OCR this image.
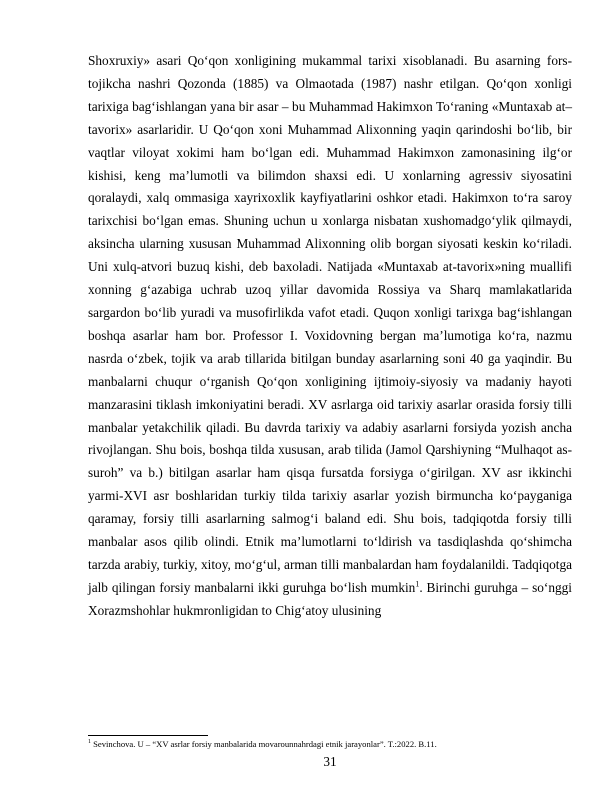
Shoxruxiy» asari Qo‘qon xonligining mukammal tarixi xisoblanadi. Bu asarning fors-tojikcha nashri Qozonda (1885) va Olmaotada (1987) nashr etilgan. Qo‘qon xonligi tarixiga bag‘ishlangan yana bir asar – bu Muhammad Hakimxon To‘raning «Muntaxab at–tavorix» asarlaridir. U Qo‘qon xoni Muhammad Alixonning yaqin qarindoshi bo‘lib, bir vaqtlar viloyat xokimi ham bo‘lgan edi. Muhammad Hakimxon zamonasining ilg‘or kishisi, keng ma’lumotli va bilimdon shaxsi edi. U xonlarning agressiv siyosatini qoralaydi, xalq ommasiga xayrixoxlik kayfiyatlarini oshkor etadi. Hakimxon to‘ra saroy tarixchisi bo‘lgan emas. Shuning uchun u xonlarga nisbatan xushomadgo‘ylik qilmaydi, aksincha ularning xususan Muhammad Alixonning olib borgan siyosati keskin ko‘riladi. Uni xulq-atvori buzuq kishi, deb baxoladi. Natijada «Muntaxab at-tavorix»ning muallifi xonning g‘azabiga uchrab uzoq yillar davomida Rossiya va Sharq mamlakatlarida sargardon bo‘lib yuradi va musofirlikda vafot etadi. Quqon xonligi tarixga bag‘ishlangan boshqa asarlar ham bor. Professor I. Voxidovning bergan ma’lumotiga ko‘ra, nazmu nasrda o‘zbek, tojik va arab tillarida bitilgan bunday asarlarning soni 40 ga yaqindir. Bu manbalarni chuqur o‘rganish Qo‘qon xonligining ijtimoiy-siyosiy va madaniy hayoti manzarasini tiklash imkoniyatini beradi. XV asrlarga oid tarixiy asarlar orasida forsiy tilli manbalar yetakchilik qiladi. Bu davrda tarixiy va adabiy asarlarni forsiyda yozish ancha rivojlangan. Shu bois, boshqa tilda xususan, arab tilida (Jamol Qarshiyning “Mulhaqot as-suroh” va b.) bitilgan asarlar ham qisqa fursatda forsiyga o‘girilgan. XV asr ikkinchi yarmi-XVI asr boshlaridan turkiy tilda tarixiy asarlar yozish birmuncha ko‘payganiga qaramay, forsiy tilli asarlarning salmog‘i baland edi. Shu bois, tadqiqotda forsiy tilli manbalar asos qilib olindi. Etnik ma’lumotlarni to‘ldirish va tasdiqlashda qo‘shimcha tarzda arabiy, turkiy, xitoy, mo‘g‘ul, arman tilli manbalardan ham foydalanildi. Tadqiqotga jalb qilingan forsiy manbalarni ikki guruhga bo‘lish mumkin$^1$. Birinchi guruhga – so‘nggi Xorazmshohlar hukmronligidan to Chig‘atoy ulusining

$^1$ Sevinchova. U – “XV asrlar forsiy manbalarida movarounnahrdagi etnik jarayonlar”. T.:2022. B.11.

31
